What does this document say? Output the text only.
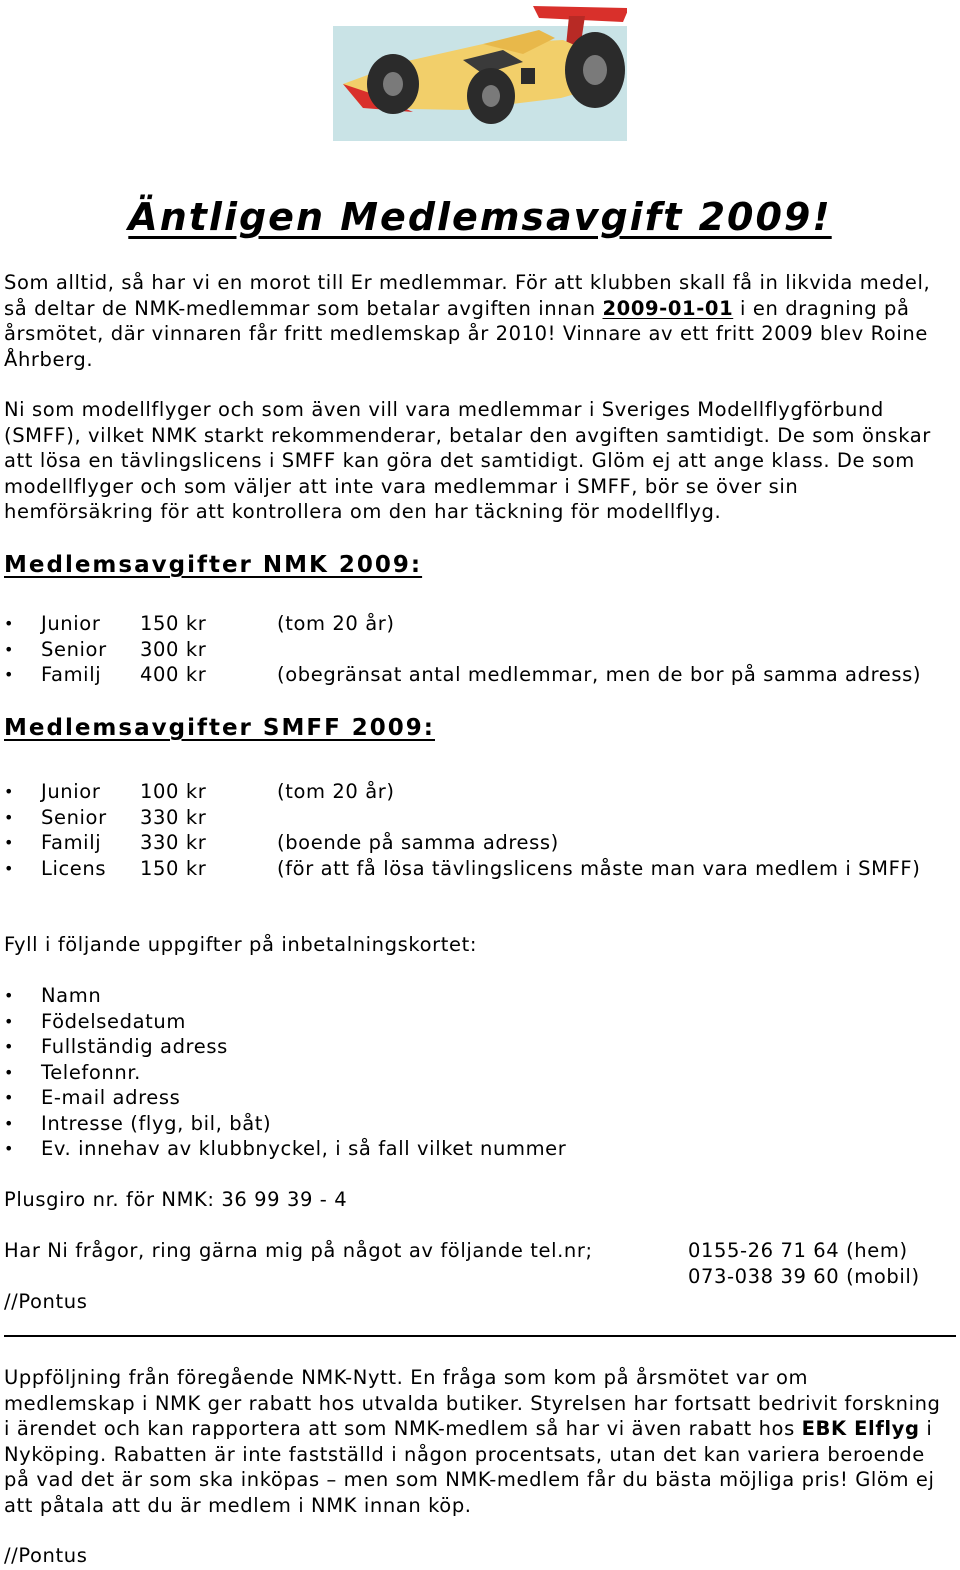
Äntligen Medlemsavgift 2009!

Som alltid, så har vi en morot till Er medlemmar. För att klubben skall få in likvida medel, så deltar de NMK-medlemmar som betalar avgiften innan 2009-01-01 i en dragning på årsmötet, där vinnaren får fritt medlemskap år 2010! Vinnare av ett fritt 2009 blev Roine Åhrberg.

Ni som modellflyger och som även vill vara medlemmar i Sveriges Modellflygförbund (SMFF), vilket NMK starkt rekommenderar, betalar den avgiften samtidigt. De som önskar att lösa en tävlingslicens i SMFF kan göra det samtidigt. Glöm ej att ange klass. De som modellflyger och som väljer att inte vara medlemmar i SMFF, bör se över sin hemförsäkring för att kontrollera om den har täckning för modellflyg.

Medlemsavgifter NMK 2009:
• Junior 150 kr	(tom 20 år)
• Senior 300 kr
• Familj 400 kr	(obegränsat antal medlemmar, men de bor på samma adress)
Medlemsavgifter SMFF 2009:
• Junior 100 kr	(tom 20 år)
• Senior 330 kr
• Familj 330 kr	(boende på samma adress)
• Licens 150 kr	(för att få lösa tävlingslicens måste man vara medlem i SMFF)

Fyll i följande uppgifter på inbetalningskortet:

• Namn
• Födelsedatum
• Fullständig adress
• Telefonnr.
• E-mail adress
• Intresse (flyg, bil, båt)
• Ev. innehav av klubbnyckel, i så fall vilket nummer

Plusgiro nr. för NMK: 36 99 39 - 4

Har Ni frågor, ring gärna mig på något av följande tel.nr;	0155-26 71 64 (hem)

073-038 39 60 (mobil)

//Pontus

Uppföljning från föregående NMK-Nytt. En fråga som kom på årsmötet var om medlemskap i NMK ger rabatt hos utvalda butiker. Styrelsen har fortsatt bedrivit forskning i ärendet och kan rapportera att som NMK-medlem så har vi även rabatt hos EBK Elflyg i Nyköping. Rabatten är inte fastställd i någon procentsats, utan det kan variera beroende på vad det är som ska inköpas – men som NMK-medlem får du bästa möjliga pris! Glöm ej att påtala att du är medlem i NMK innan köp.

//Pontus
